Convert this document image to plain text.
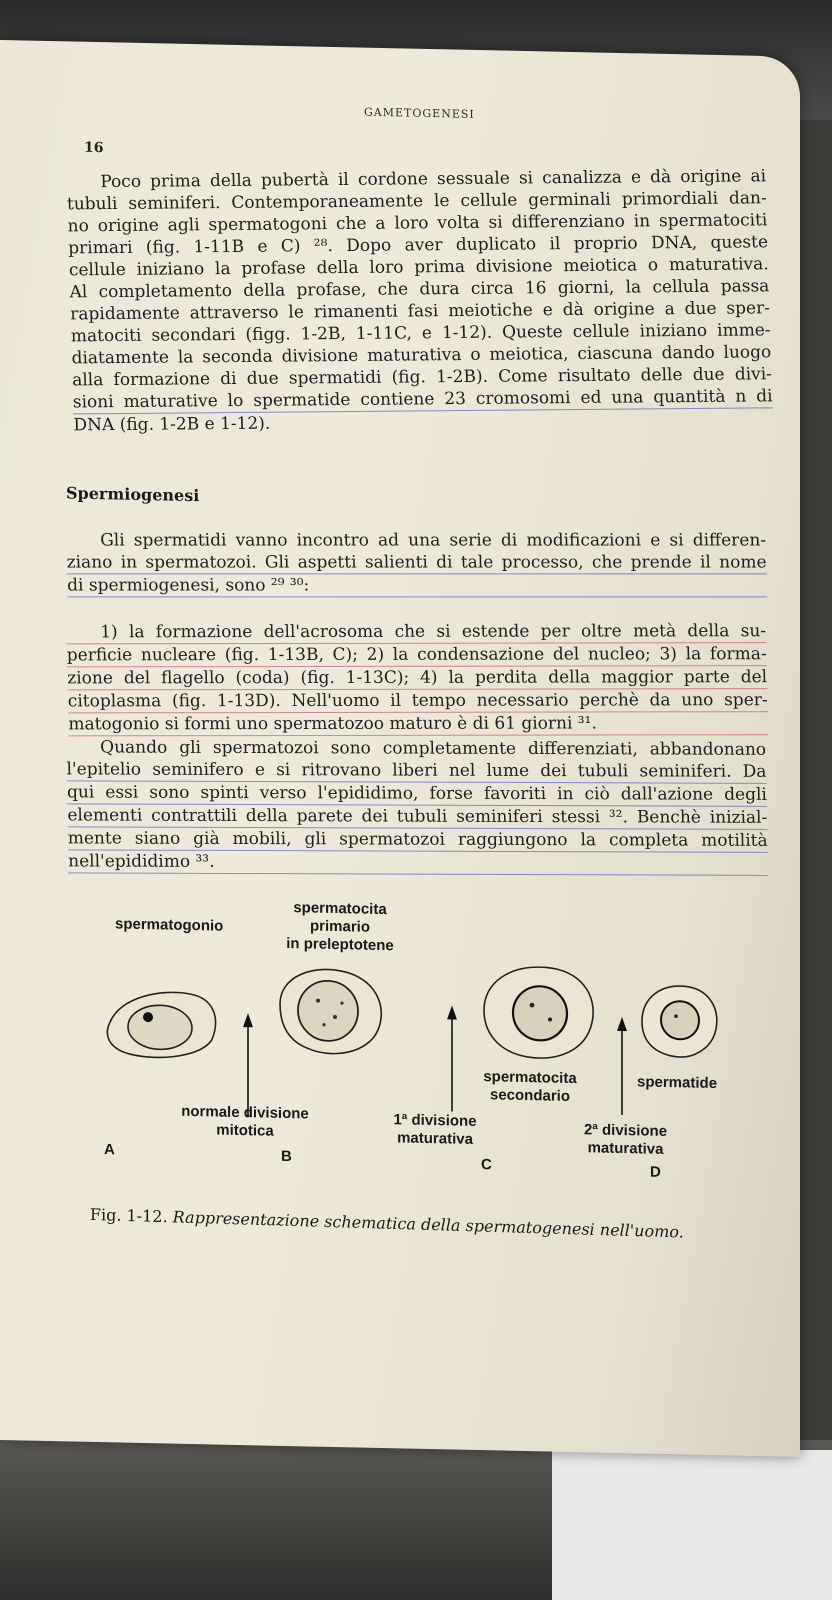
GAMETOGENESI
16
Poco prima della pubertà il cordone sessuale si canalizza e dà origine ai
tubuli seminiferi. Contemporaneamente le cellule germinali primordiali dan-
no origine agli spermatogoni che a loro volta si differenziano in spermatociti
primari (fig. 1-11B e C) ²⁸. Dopo aver duplicato il proprio DNA, queste
cellule iniziano la profase della loro prima divisione meiotica o maturativa.
Al completamento della profase, che dura circa 16 giorni, la cellula passa
rapidamente attraverso le rimanenti fasi meiotiche e dà origine a due sper-
matociti secondari (figg. 1-2B, 1-11C, e 1-12). Queste cellule iniziano imme-
diatamente la seconda divisione maturativa o meiotica, ciascuna dando luogo
alla formazione di due spermatidi (fig. 1-2B). Come risultato delle due divi-
sioni maturative lo spermatide contiene 23 cromosomi ed una quantità n di
DNA (fig. 1-2B e 1-12).
Spermiogenesi
Gli spermatidi vanno incontro ad una serie di modificazioni e si differen-
ziano in spermatozoi. Gli aspetti salienti di tale processo, che prende il nome
di spermiogenesi, sono ²⁹ ³⁰:
1) la formazione dell'acrosoma che si estende per oltre metà della su-
perficie nucleare (fig. 1-13B, C); 2) la condensazione del nucleo; 3) la forma-
zione del flagello (coda) (fig. 1-13C); 4) la perdita della maggior parte del
citoplasma (fig. 1-13D). Nell'uomo il tempo necessario perchè da uno sper-
matogonio si formi uno spermatozoo maturo è di 61 giorni ³¹.
Quando gli spermatozoi sono completamente differenziati, abbandonano
l'epitelio seminifero e si ritrovano liberi nel lume dei tubuli seminiferi. Da
qui essi sono spinti verso l'epididimo, forse favoriti in ciò dall'azione degli
elementi contrattili della parete dei tubuli seminiferi stessi ³². Benchè inizial-
mente siano già mobili, gli spermatozoi raggiungono la completa motilità
nell'epididimo ³³.
spermatogonio
spermatocita
primario
in preleptotene
spermatocita
secondario
spermatide
normale divisione
mitotica
1ª divisione
maturativa	2ª divisione
maturativa
A	B	C	D
Fig. 1-12. Rappresentazione schematica della spermatogenesi nell'uomo.
